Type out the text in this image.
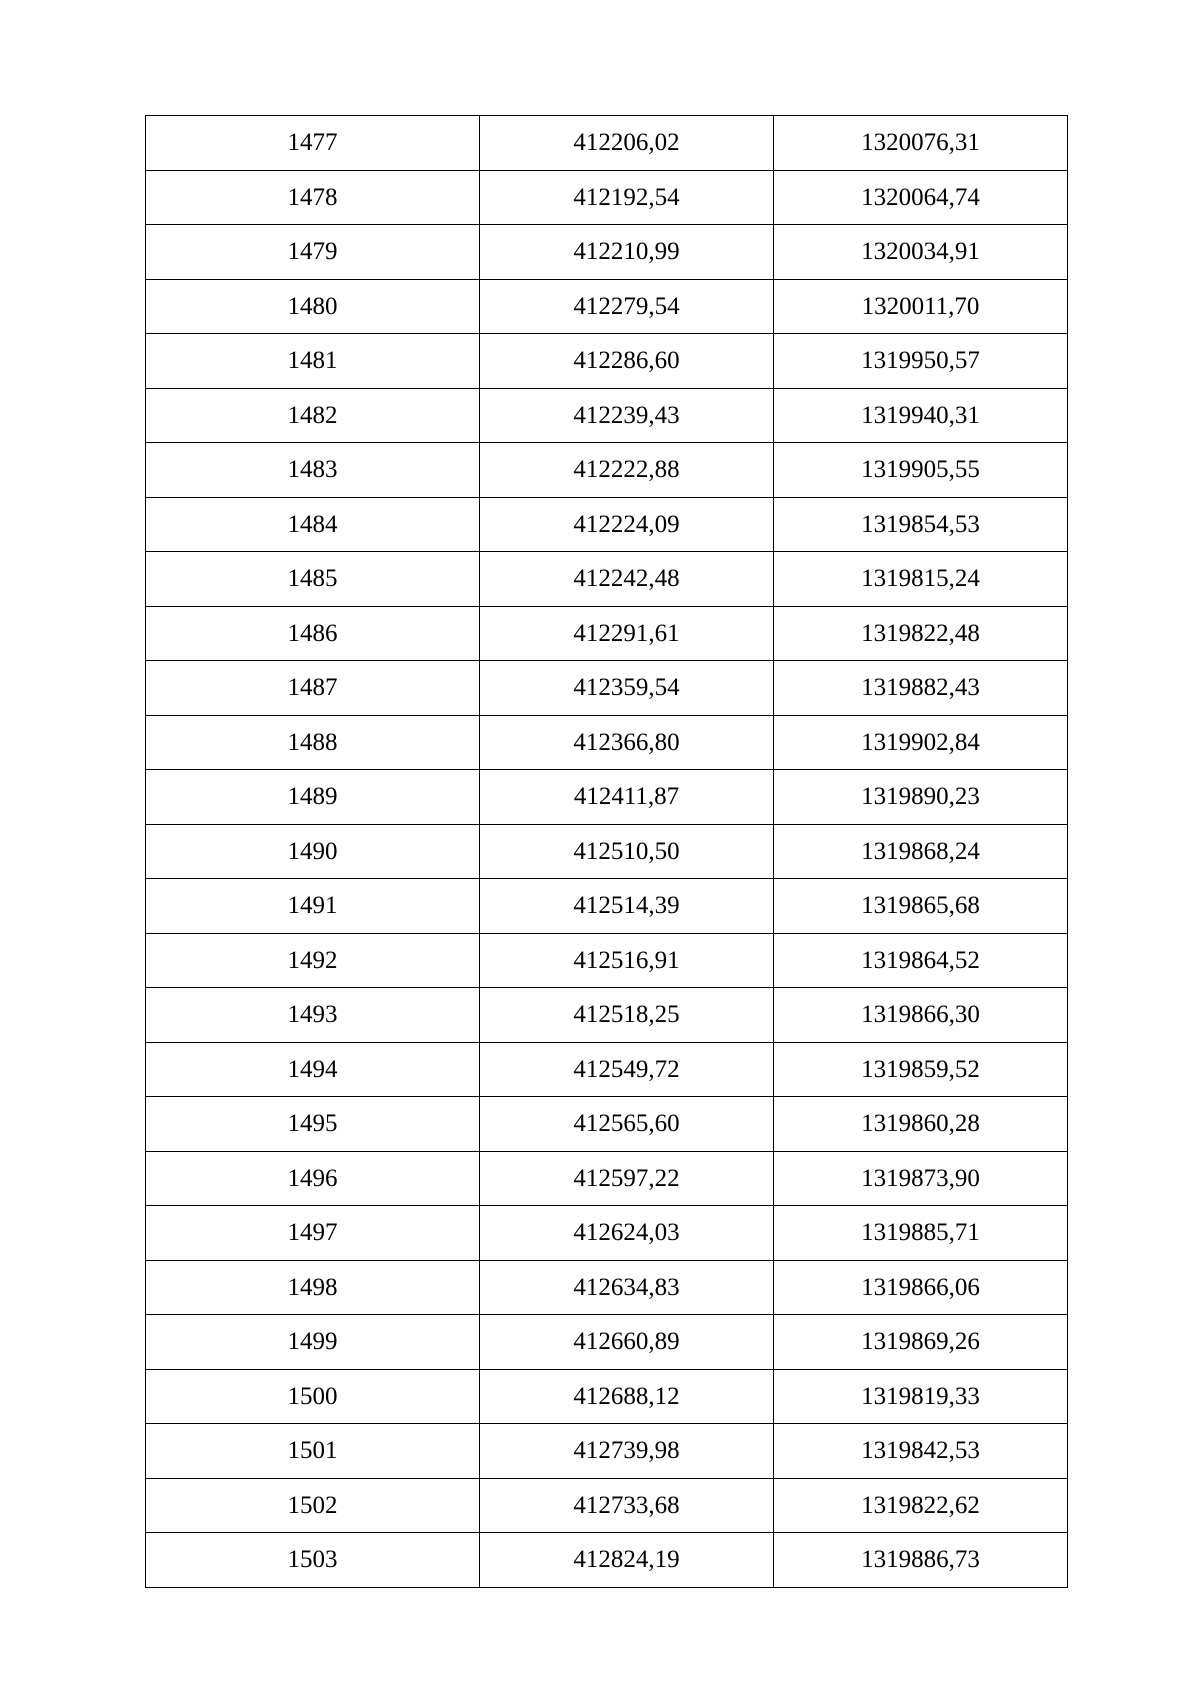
1477	412206,02	1320076,31
1478	412192,54	1320064,74
1479	412210,99	1320034,91
1480	412279,54	1320011,70
1481	412286,60	1319950,57
1482	412239,43	1319940,31
1483	412222,88	1319905,55
1484	412224,09	1319854,53
1485	412242,48	1319815,24
1486	412291,61	1319822,48
1487	412359,54	1319882,43
1488	412366,80	1319902,84
1489	412411,87	1319890,23
1490	412510,50	1319868,24
1491	412514,39	1319865,68
1492	412516,91	1319864,52
1493	412518,25	1319866,30
1494	412549,72	1319859,52
1495	412565,60	1319860,28
1496	412597,22	1319873,90
1497	412624,03	1319885,71
1498	412634,83	1319866,06
1499	412660,89	1319869,26
1500	412688,12	1319819,33
1501	412739,98	1319842,53
1502	412733,68	1319822,62
1503	412824,19	1319886,73
